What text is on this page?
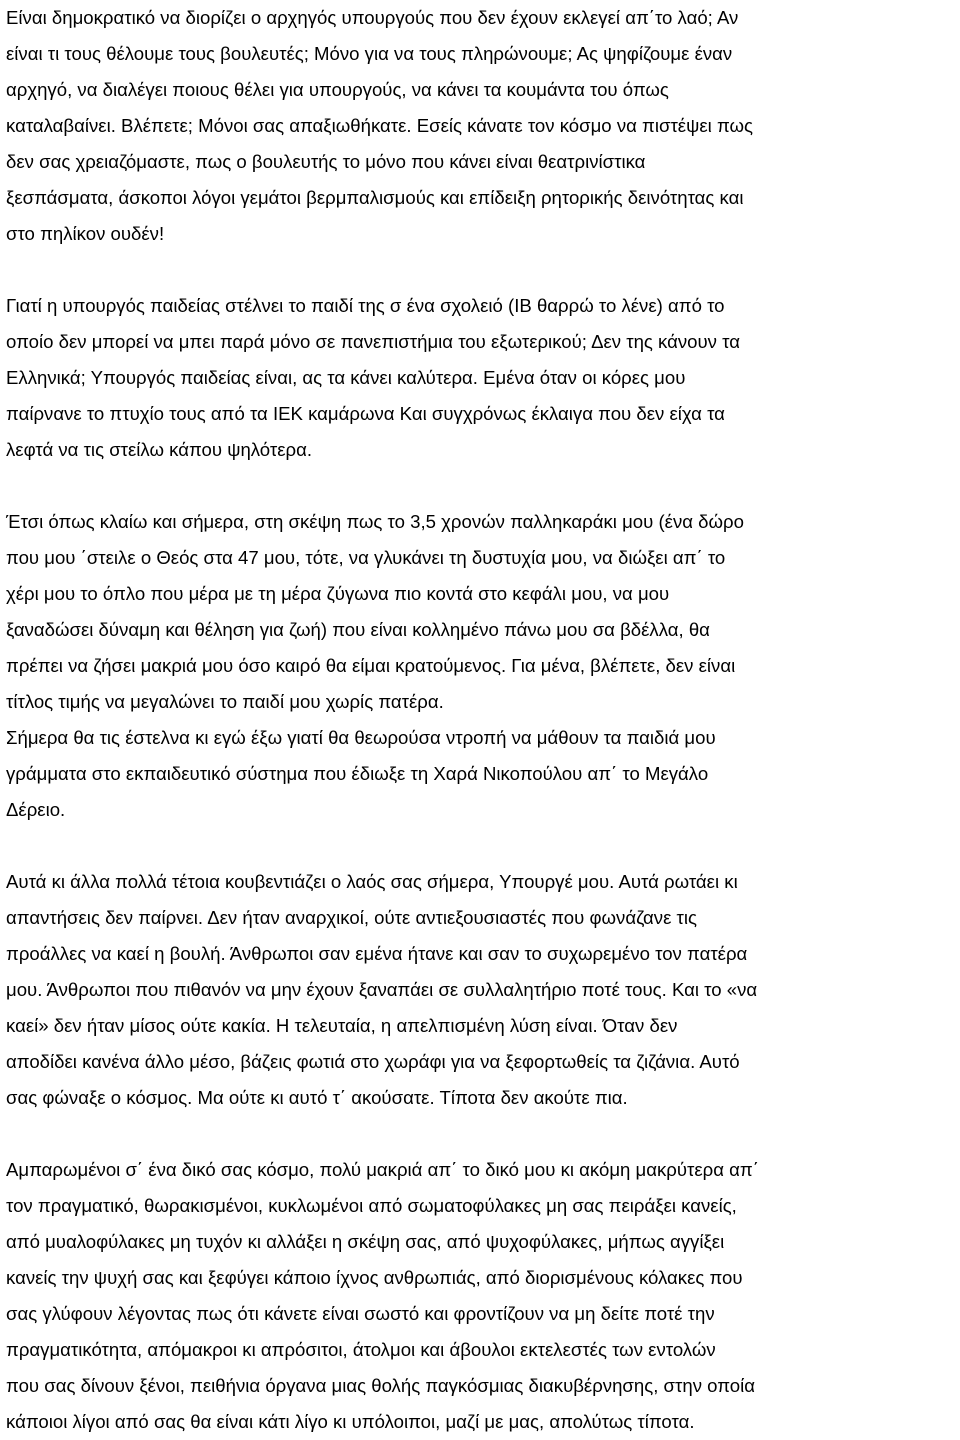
Είναι δημοκρατικό να διορίζει ο αρχηγός υπουργούς που δεν έχουν εκλεγεί απ΄το λαό; Αν
είναι τι τους θέλουμε τους βουλευτές; Μόνο για να τους πληρώνουμε; Ας ψηφίζουμε έναν
αρχηγό, να διαλέγει ποιους θέλει για υπουργούς, να κάνει τα κουμάντα του όπως
καταλαβαίνει. Βλέπετε; Μόνοι σας απαξιωθήκατε. Εσείς κάνατε τον κόσμο να πιστέψει πως
δεν σας χρειαζόμαστε, πως ο βουλευτής το μόνο που κάνει είναι θεατρινίστικα
ξεσπάσματα, άσκοποι λόγοι γεμάτοι βερμπαλισμούς και επίδειξη ρητορικής δεινότητας και
στο πηλίκον ουδέν!
Γιατί η υπουργός παιδείας στέλνει το παιδί της σ ένα σχολειό (IB θαρρώ το λένε) από το
οποίο δεν μπορεί να μπει παρά μόνο σε πανεπιστήμια του εξωτερικού; Δεν της κάνουν τα
Ελληνικά; Υπουργός παιδείας είναι, ας τα κάνει καλύτερα. Εμένα όταν οι κόρες μου
παίρνανε το πτυχίο τους από τα ΙΕΚ καμάρωνα Και συγχρόνως έκλαιγα που δεν είχα τα
λεφτά να τις στείλω κάπου ψηλότερα.
Έτσι όπως κλαίω και σήμερα, στη σκέψη πως το 3,5 χρονών παλληκαράκι μου (ένα δώρο
που μου ΄στειλε ο Θεός στα 47 μου, τότε, να γλυκάνει τη δυστυχία μου, να διώξει απ΄ το
χέρι μου το όπλο που μέρα με τη μέρα ζύγωνα πιο κοντά στο κεφάλι μου, να μου
ξαναδώσει δύναμη και θέληση για ζωή) που είναι κολλημένο πάνω μου σα βδέλλα, θα
πρέπει να ζήσει μακριά μου όσο καιρό θα είμαι κρατούμενος. Για μένα, βλέπετε, δεν είναι
τίτλος τιμής να μεγαλώνει το παιδί μου χωρίς πατέρα.
Σήμερα θα τις έστελνα κι εγώ έξω γιατί θα θεωρούσα ντροπή να μάθουν τα παιδιά μου
γράμματα στο εκπαιδευτικό σύστημα που έδιωξε τη Χαρά Νικοπούλου απ΄ το Μεγάλο
Δέρειο.
Αυτά κι άλλα πολλά τέτοια κουβεντιάζει ο λαός σας σήμερα, Υπουργέ μου. Αυτά ρωτάει κι
απαντήσεις δεν παίρνει. Δεν ήταν αναρχικοί, ούτε αντιεξουσιαστές που φωνάζανε τις
προάλλες να καεί η βουλή. Άνθρωποι σαν εμένα ήτανε και σαν το συχωρεμένο τον πατέρα
μου. Άνθρωποι που πιθανόν να μην έχουν ξαναπάει σε συλλαλητήριο ποτέ τους. Και το «να
καεί» δεν ήταν μίσος ούτε κακία. Η τελευταία, η απελπισμένη λύση είναι. Όταν δεν
αποδίδει κανένα άλλο μέσο, βάζεις φωτιά στο χωράφι για να ξεφορτωθείς τα ζιζάνια. Αυτό
σας φώναξε ο κόσμος. Μα ούτε κι αυτό τ΄ ακούσατε. Τίποτα δεν ακούτε πια.
Αμπαρωμένοι σ΄ ένα δικό σας κόσμο, πολύ μακριά απ΄ το δικό μου κι ακόμη μακρύτερα απ΄
τον πραγματικό, θωρακισμένοι, κυκλωμένοι από σωματοφύλακες μη σας πειράξει κανείς,
από μυαλοφύλακες μη τυχόν κι αλλάξει η σκέψη σας, από ψυχοφύλακες, μήπως αγγίξει
κανείς την ψυχή σας και ξεφύγει κάποιο ίχνος ανθρωπιάς, από διορισμένους κόλακες που
σας γλύφουν λέγοντας πως ότι κάνετε είναι σωστό και φροντίζουν να μη δείτε ποτέ την
πραγματικότητα, απόμακροι κι απρόσιτοι, άτολμοι και άβουλοι εκτελεστές των εντολών
που σας δίνουν ξένοι, πειθήνια όργανα μιας θολής παγκόσμιας διακυβέρνησης, στην οποία
κάποιοι λίγοι από σας θα είναι κάτι λίγο κι υπόλοιποι, μαζί με μας, απολύτως τίποτα.
